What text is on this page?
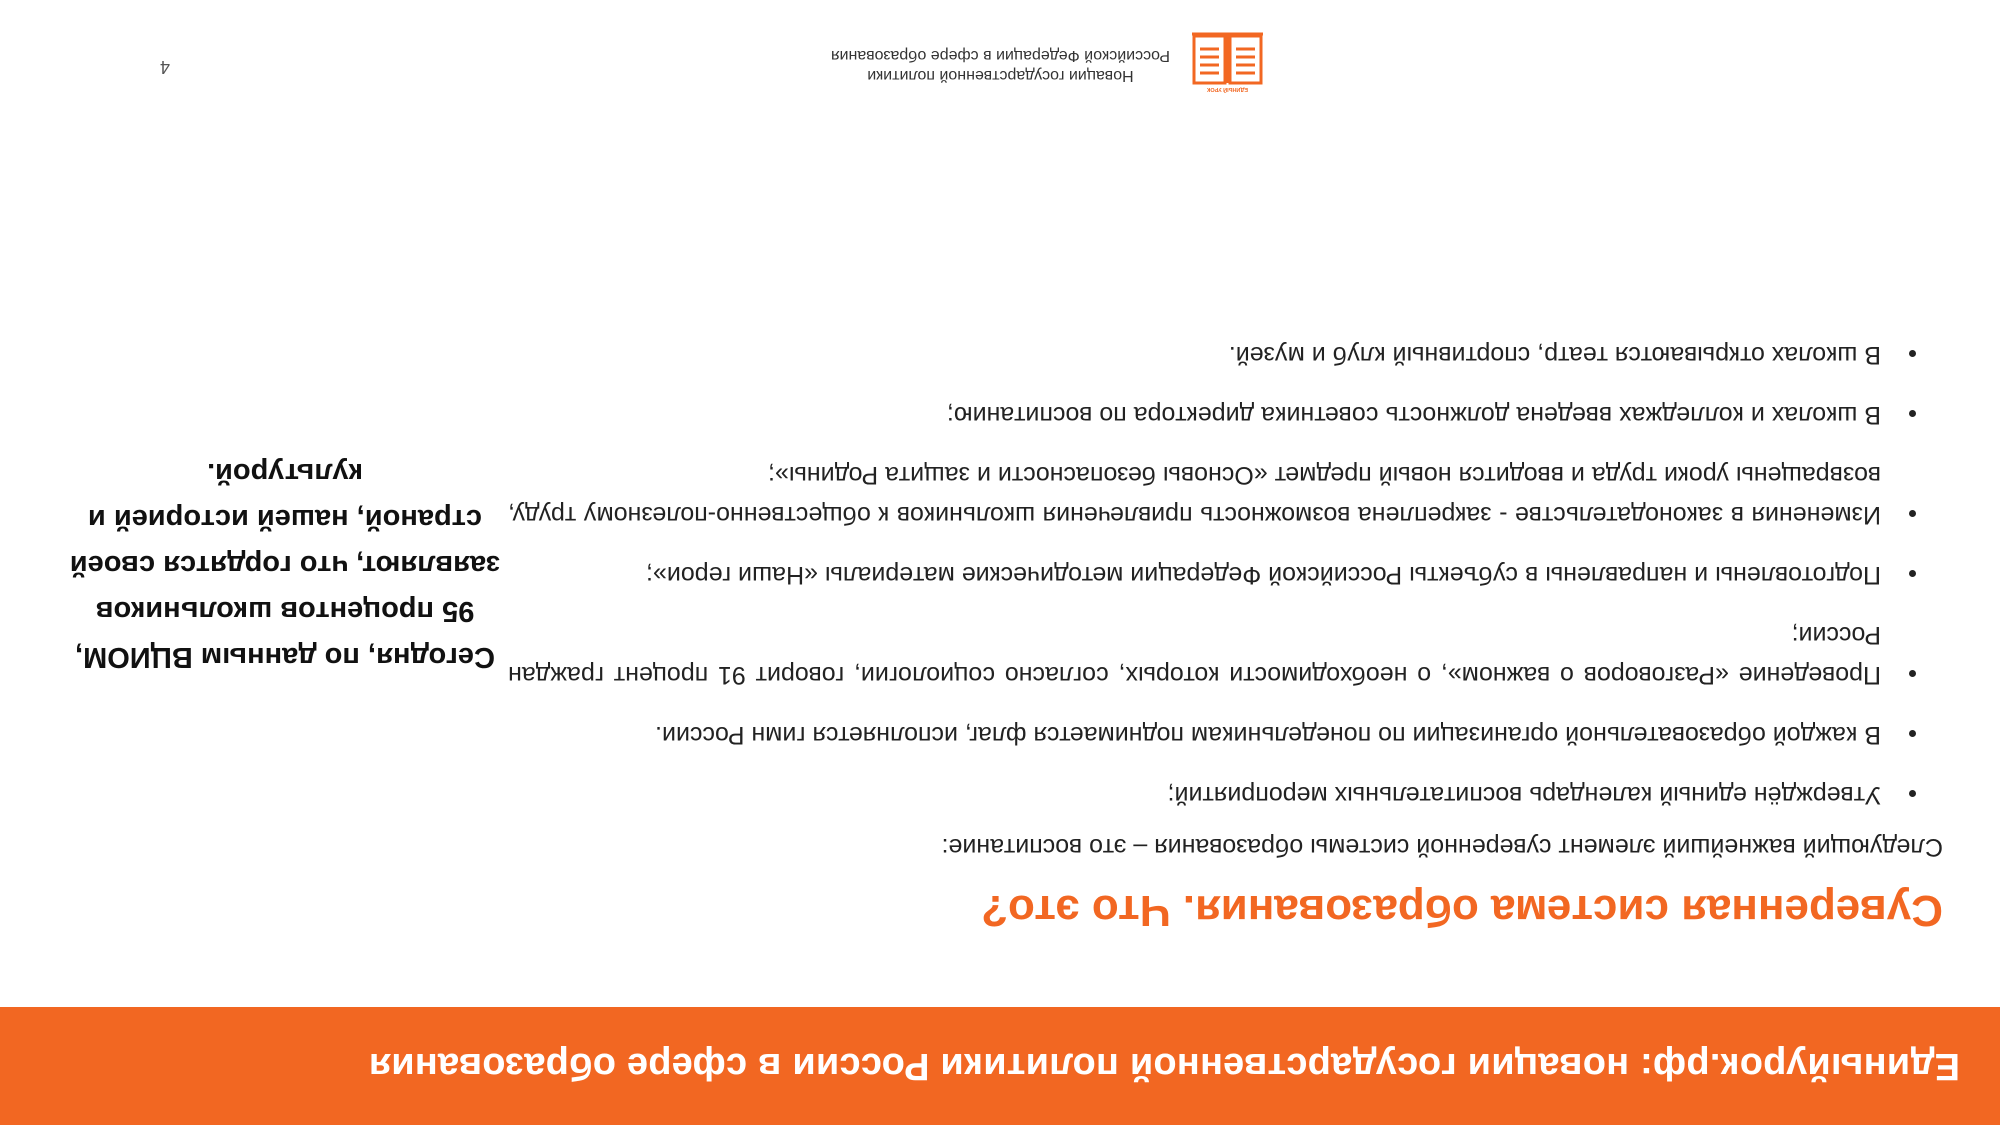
Единыйурок.рф: новации государственной политики России в сфере образования
Суверенная система образования. Что это?

Следующий важнейший элемент суверенной системы образования – это воспитание:

• Утверждён единый календарь воспитательных мероприятий;
• В каждой образовательной организации по понедельникам поднимается флаг, исполняется гимн России.
• Проведение «Разговоров о важном», о необходимости которых, согласно социологии, говорит 91 процент граждан России;
• Подготовлены и направлены в субъекты Российской Федерации методические материалы «Наши герои»;
• Изменения в законодательстве - закреплена возможность привлечения школьников к общественно-полезному труду, возвращены уроки труда и вводится новый предмет «Основы безопасности и защита Родины»;
• В школах и колледжах введена должность советника директора по воспитанию;
• В школах открываются театр, спортивный клуб и музей.

Сегодня, по данным ВЦИОМ, 95 процентов школьников заявляют, что гордятся своей страной, нашей историей и культурой.

ЕДИНЫЙ УРОК
Новации государственной политики
Российской Федерации в сфере образования
4
